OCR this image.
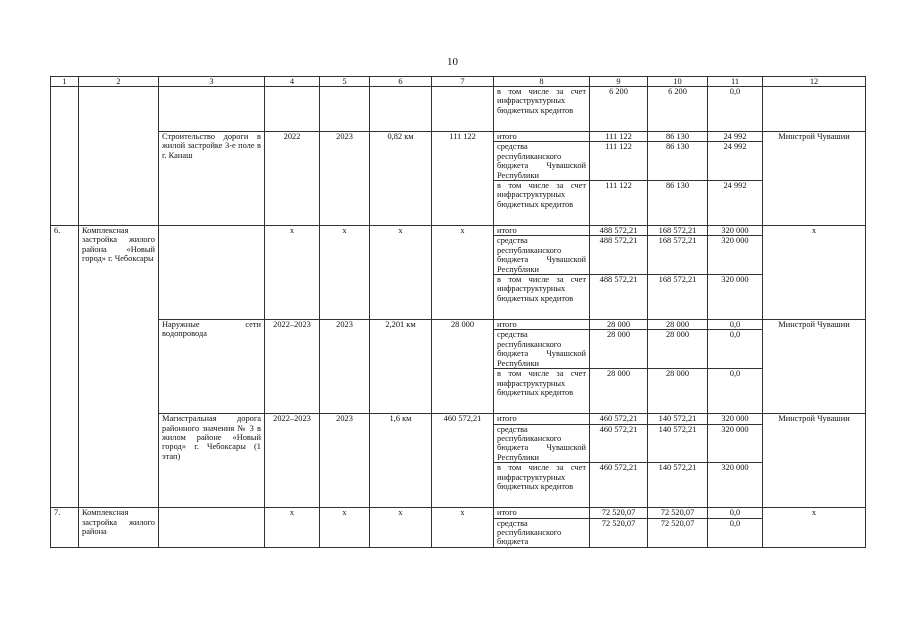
10
1	2	3	4	5	6	7	8	9	10	11	12
							в том числе за счет инфраструктурных бюджетных кредитов	6 200	6 200	0,0	
		Строительство дороги в жилой застройке 3-е поле в г. Канаш	2022	2023	0,82 км	111 122	итого	111 122	86 130	24 992	Минстрой Чувашии
							средства республиканского бюджета Чувашской Республики	111 122	86 130	24 992	
							в том числе за счет инфраструктурных бюджетных кредитов	111 122	86 130	24 992	
6.	Комплексная застройка жилого района «Новый город» г. Чебоксары		х	х	х	х	итого	488 572,21	168 572,21	320 000	х
							средства республиканского бюджета Чувашской Республики	488 572,21	168 572,21	320 000	
							в том числе за счет инфраструктурных бюджетных кредитов	488 572,21	168 572,21	320 000	
		Наружные сети водопровода	2022–2023	2023	2,201 км	28 000	итого	28 000	28 000	0,0	Минстрой Чувашии
							средства республиканского бюджета Чувашской Республики	28 000	28 000	0,0	
							в том числе за счет инфраструктурных бюджетных кредитов	28 000	28 000	0,0	
		Магистральная дорога районного значения № 3 в жилом районе «Новый город» г. Чебоксары (1 этап)	2022–2023	2023	1,6 км	460 572,21	итого	460 572,21	140 572,21	320 000	Минстрой Чувашии
							средства республиканского бюджета Чувашской Республики	460 572,21	140 572,21	320 000	
							в том числе за счет инфраструктурных бюджетных кредитов	460 572,21	140 572,21	320 000	
7.	Комплексная застройка жилого района		х	х	х	х	итого	72 520,07	72 520,07	0,0	х
							средства республиканского бюджета	72 520,07	72 520,07	0,0	
